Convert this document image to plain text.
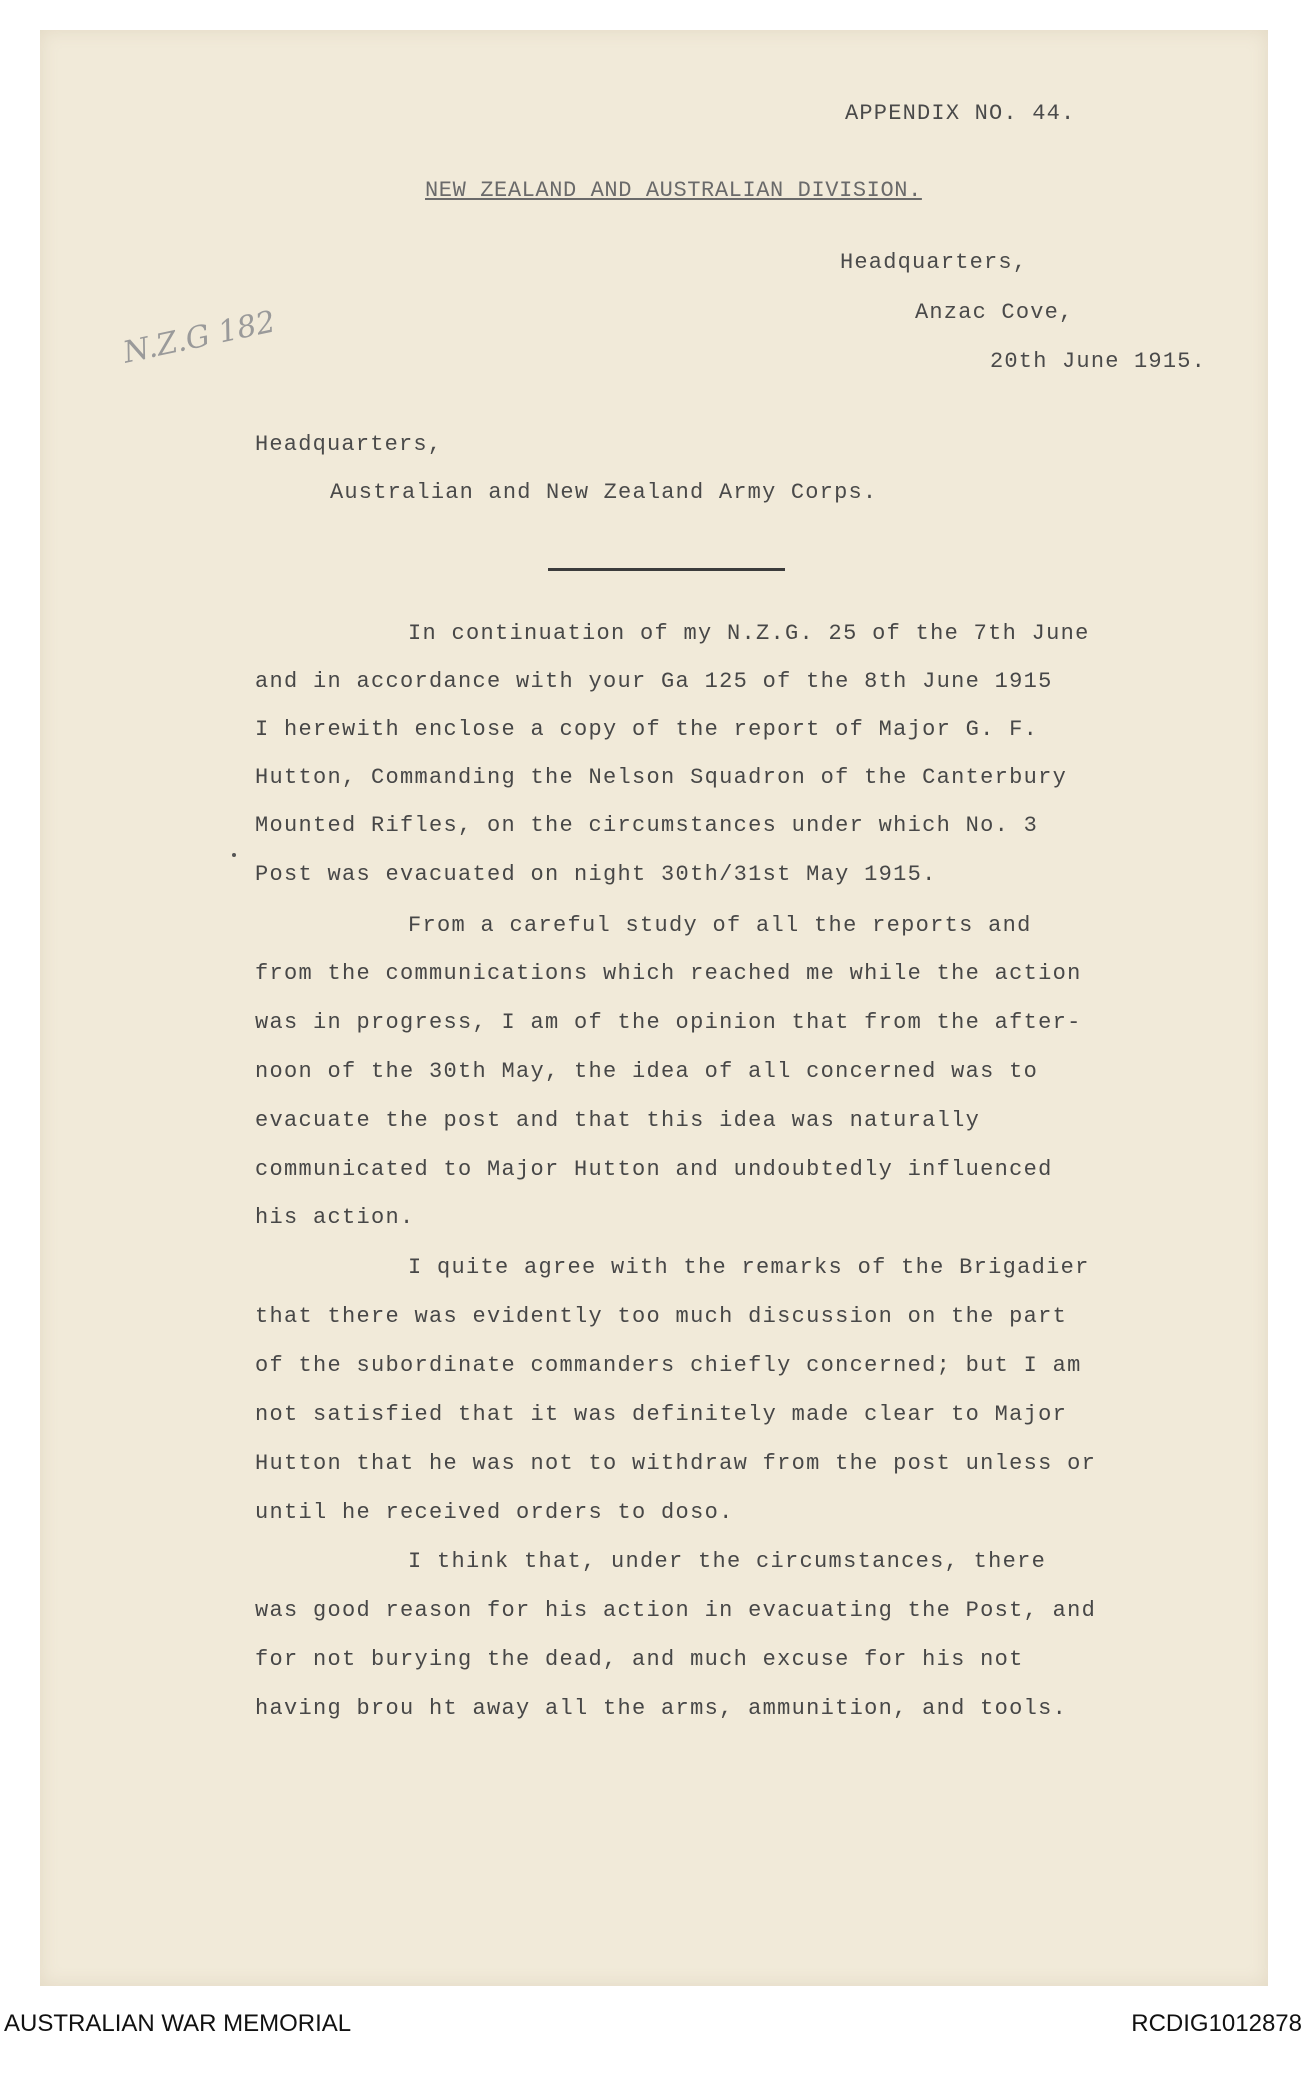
APPENDIX NO. 44.
NEW ZEALAND AND AUSTRALIAN DIVISION.
Headquarters,
Anzac Cove,
20th June 1915.
N.Z.G 182
Headquarters,
Australian and New Zealand Army Corps.
In continuation of my N.Z.G. 25 of the 7th June
and in accordance with your Ga 125 of the 8th June 1915
I herewith enclose a copy of the report of Major G. F.
Hutton, Commanding the Nelson Squadron of the Canterbury
Mounted Rifles, on the circumstances under which No. 3
Post was evacuated on night 30th/31st May 1915.
From a careful study of all the reports and
from the communications which reached me while the action
was in progress, I am of the opinion that from the after-
noon of the 30th May, the idea of all concerned was to
evacuate the post and that this idea was naturally
communicated to Major Hutton and undoubtedly influenced
his action.
I quite agree with the remarks of the Brigadier
that there was evidently too much discussion on the part
of the subordinate commanders chiefly concerned; but I am
not satisfied that it was definitely made clear to Major
Hutton that he was not to withdraw from the post unless or
until he received orders to doso.
I think that, under the circumstances, there
was good reason for his action in evacuating the Post, and
for not burying the dead, and much excuse for his not
having brou ht away all the arms, ammunition, and tools.
AUSTRALIAN WAR MEMORIAL	RCDIG1012878
